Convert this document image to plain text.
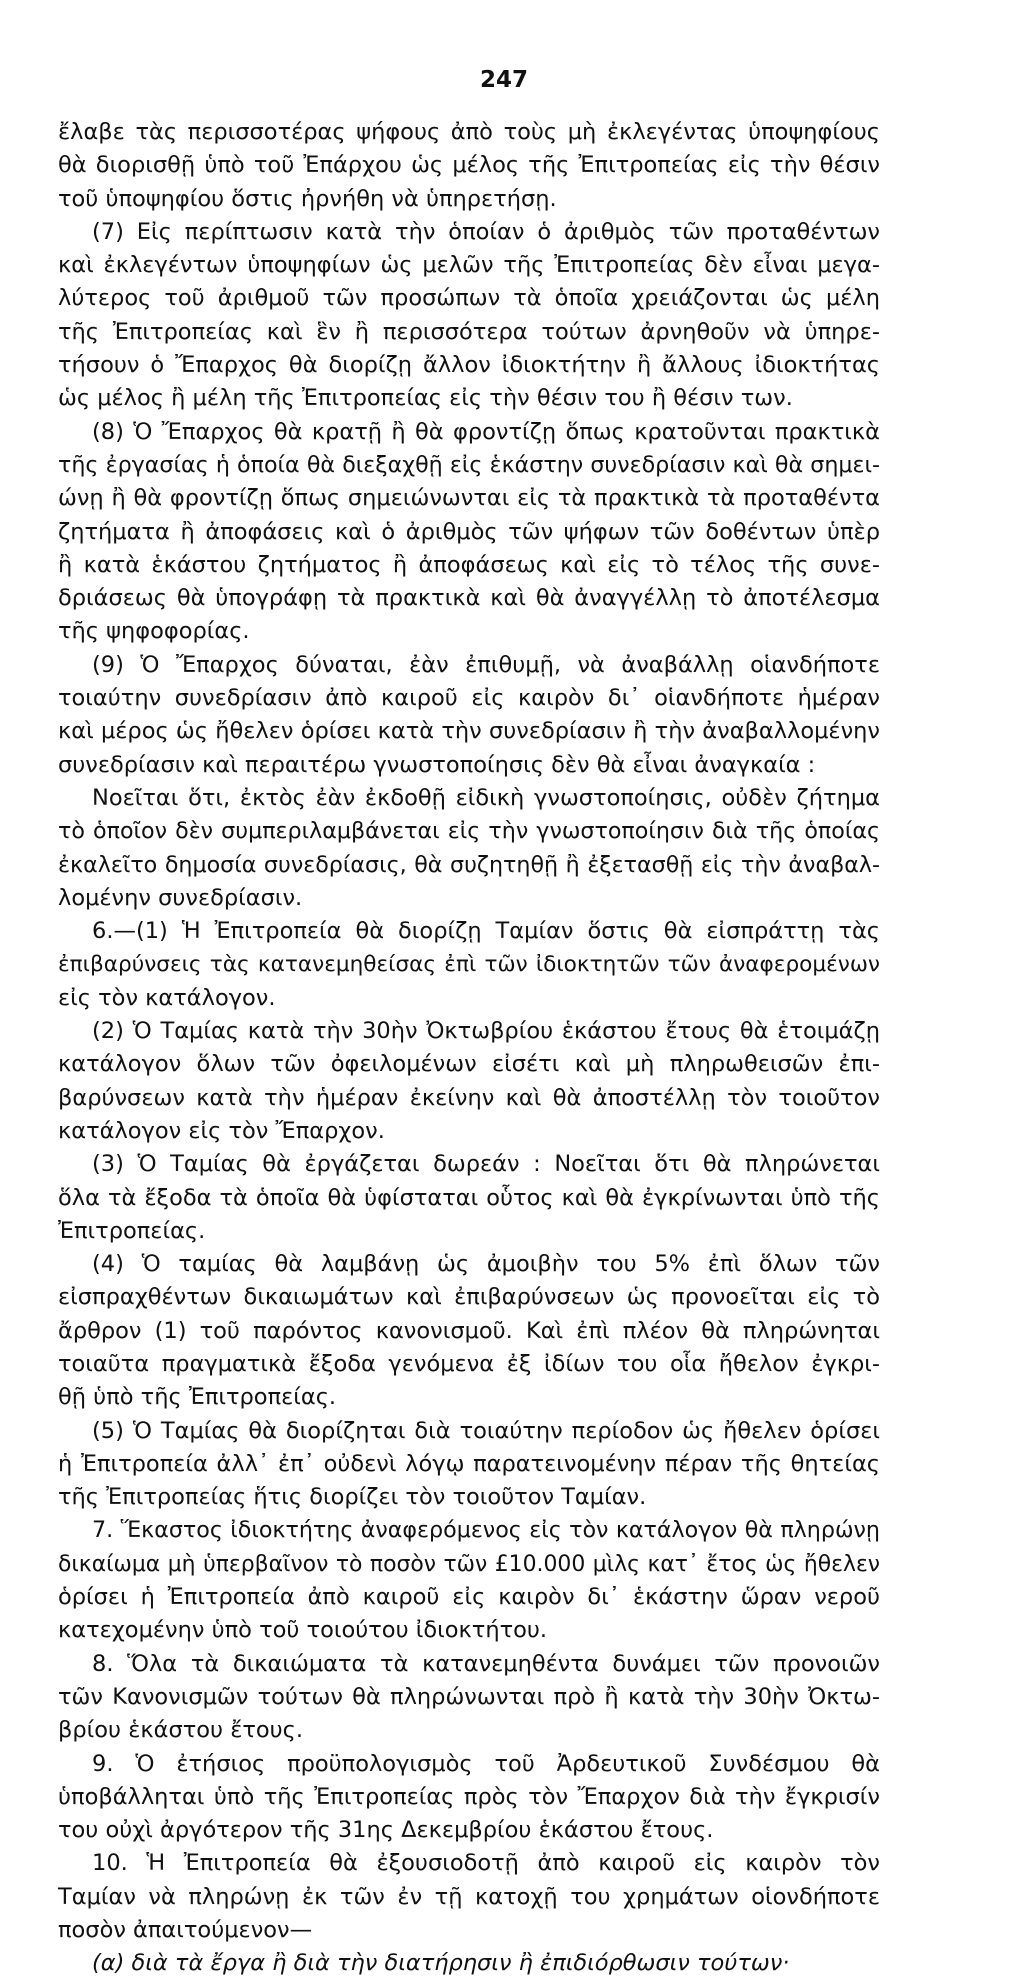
247
ἔλαβε τὰς περισσοτέρας ψήφους ἀπὸ τοὺς μὴ ἐκλεγέντας ὑποψηφίους
θὰ διορισθῇ ὑπὸ τοῦ Ἐπάρχου ὡς μέλος τῆς Ἐπιτροπείας εἰς τὴν θέσιν
τοῦ ὑποψηφίου ὅστις ἠρνήθη νὰ ὑπηρετήσῃ.
(7) Εἰς περίπτωσιν κατὰ τὴν ὁποίαν ὁ ἀριθμὸς τῶν προταθέντων
καὶ ἐκλεγέντων ὑποψηφίων ὡς μελῶν τῆς Ἐπιτροπείας δὲν εἶναι μεγα-
λύτερος τοῦ ἀριθμοῦ τῶν προσώπων τὰ ὁποῖα χρειάζονται ὡς μέλη
τῆς Ἐπιτροπείας καὶ ἓν ἢ περισσότερα τούτων ἀρνηθοῦν νὰ ὑπηρε-
τήσουν ὁ Ἔπαρχος θὰ διορίζῃ ἄλλον ἰδιοκτήτην ἢ ἄλλους ἰδιοκτήτας
ὡς μέλος ἢ μέλη τῆς Ἐπιτροπείας εἰς τὴν θέσιν του ἢ θέσιν των.
(8) Ὁ Ἔπαρχος θὰ κρατῇ ἢ θὰ φροντίζῃ ὅπως κρατοῦνται πρακτικὰ
τῆς ἐργασίας ἡ ὁποία θὰ διεξαχθῇ εἰς ἑκάστην συνεδρίασιν καὶ θὰ σημει-
ώνῃ ἢ θὰ φροντίζῃ ὅπως σημειώνωνται εἰς τὰ πρακτικὰ τὰ προταθέντα
ζητήματα ἢ ἀποφάσεις καὶ ὁ ἀριθμὸς τῶν ψήφων τῶν δοθέντων ὑπὲρ
ἢ κατὰ ἑκάστου ζητήματος ἢ ἀποφάσεως καὶ εἰς τὸ τέλος τῆς συνε-
δριάσεως θὰ ὑπογράφῃ τὰ πρακτικὰ καὶ θὰ ἀναγγέλλῃ τὸ ἀποτέλεσμα
τῆς ψηφοφορίας.
(9) Ὁ Ἔπαρχος δύναται, ἐὰν ἐπιθυμῇ, νὰ ἀναβάλλῃ οἱανδήποτε
τοιαύτην συνεδρίασιν ἀπὸ καιροῦ εἰς καιρὸν δι᾽ οἱανδήποτε ἡμέραν
καὶ μέρος ὡς ἤθελεν ὁρίσει κατὰ τὴν συνεδρίασιν ἢ τὴν ἀναβαλλομένην
συνεδρίασιν καὶ περαιτέρω γνωστοποίησις δὲν θὰ εἶναι ἀναγκαία :
Νοεῖται ὅτι, ἐκτὸς ἐὰν ἐκδοθῇ εἰδικὴ γνωστοποίησις, οὐδὲν ζήτημα
τὸ ὁποῖον δὲν συμπεριλαμβάνεται εἰς τὴν γνωστοποίησιν διὰ τῆς ὁποίας
ἐκαλεῖτο δημοσία συνεδρίασις, θὰ συζητηθῇ ἢ ἐξετασθῇ εἰς τὴν ἀναβαλ-
λομένην συνεδρίασιν.
6.—(1) Ἡ Ἐπιτροπεία θὰ διορίζῃ Ταμίαν ὅστις θὰ εἰσπράττῃ τὰς
ἐπιβαρύνσεις τὰς κατανεμηθείσας ἐπὶ τῶν ἰδιοκτητῶν τῶν ἀναφερομένων
εἰς τὸν κατάλογον.
(2) Ὁ Ταμίας κατὰ τὴν 30ὴν Ὀκτωβρίου ἑκάστου ἔτους θὰ ἑτοιμάζῃ
κατάλογον ὅλων τῶν ὀφειλομένων εἰσέτι καὶ μὴ πληρωθεισῶν ἐπι-
βαρύνσεων κατὰ τὴν ἡμέραν ἐκείνην καὶ θὰ ἀποστέλλῃ τὸν τοιοῦτον
κατάλογον εἰς τὸν Ἔπαρχον.
(3) Ὁ Ταμίας θὰ ἐργάζεται δωρεάν : Νοεῖται ὅτι θὰ πληρώνεται
ὅλα τὰ ἔξοδα τὰ ὁποῖα θὰ ὑφίσταται οὗτος καὶ θὰ ἐγκρίνωνται ὑπὸ τῆς
Ἐπιτροπείας.
(4) Ὁ ταμίας θὰ λαμβάνῃ ὡς ἀμοιβὴν του 5% ἐπὶ ὅλων τῶν
εἰσπραχθέντων δικαιωμάτων καὶ ἐπιβαρύνσεων ὡς προνοεῖται εἰς τὸ
ἄρθρον (1) τοῦ παρόντος κανονισμοῦ. Καὶ ἐπὶ πλέον θὰ πληρώνηται
τοιαῦτα πραγματικὰ ἔξοδα γενόμενα ἐξ ἰδίων του οἷα ἤθελον ἐγκρι-
θῇ ὑπὸ τῆς Ἐπιτροπείας.
(5) Ὁ Ταμίας θὰ διορίζηται διὰ τοιαύτην περίοδον ὡς ἤθελεν ὁρίσει
ἡ Ἐπιτροπεία ἀλλ᾽ ἐπ᾽ οὐδενὶ λόγῳ παρατεινομένην πέραν τῆς θητείας
τῆς Ἐπιτροπείας ἥτις διορίζει τὸν τοιοῦτον Ταμίαν.
7. Ἕκαστος ἰδιοκτήτης ἀναφερόμενος εἰς τὸν κατάλογον θὰ πληρώνῃ
δικαίωμα μὴ ὑπερβαῖνον τὸ ποσὸν τῶν £10.000 μὶλς κατ᾽ ἔτος ὡς ἤθελεν
ὁρίσει ἡ Ἐπιτροπεία ἀπὸ καιροῦ εἰς καιρὸν δι᾽ ἑκάστην ὥραν νεροῦ
κατεχομένην ὑπὸ τοῦ τοιούτου ἰδιοκτήτου.
8. Ὅλα τὰ δικαιώματα τὰ κατανεμηθέντα δυνάμει τῶν προνοιῶν
τῶν Κανονισμῶν τούτων θὰ πληρώνωνται πρὸ ἢ κατὰ τὴν 30ὴν Ὀκτω-
βρίου ἑκάστου ἔτους.
9. Ὁ ἐτήσιος προϋπολογισμὸς τοῦ Ἀρδευτικοῦ Συνδέσμου θὰ
ὑποβάλληται ὑπὸ τῆς Ἐπιτροπείας πρὸς τὸν Ἔπαρχον διὰ τὴν ἔγκρισίν
του οὐχὶ ἀργότερον τῆς 31ης Δεκεμβρίου ἑκάστου ἔτους.
10. Ἡ Ἐπιτροπεία θὰ ἐξουσιοδοτῇ ἀπὸ καιροῦ εἰς καιρὸν τὸν
Ταμίαν νὰ πληρώνῃ ἐκ τῶν ἐν τῇ κατοχῇ του χρημάτων οἱονδήποτε
ποσὸν ἀπαιτούμενον—
(α) διὰ τὰ ἔργα ἢ διὰ τὴν διατήρησιν ἢ ἐπιδιόρθωσιν τούτων·
